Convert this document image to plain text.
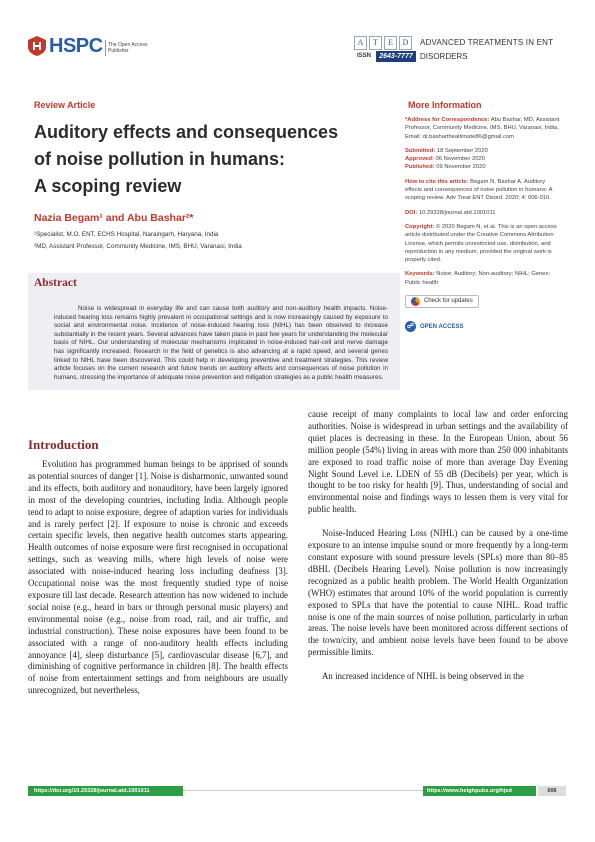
HSPC The Open Access
Publisher
A	T	E	D	ADVANCED TREATMENTS IN ENT
ISSN	2643-7777 DISORDERS
Review Article
Auditory effects and consequences
of noise pollution in humans:
A scoping review
Nazia Begam¹ and Abu Bashar²*
¹Specialist, M.O. ENT, ECHS Hospital, Naraingarh, Haryana, India
²MD, Assistant Professor, Community Medicine, IMS, BHU, Varanasi, India
Abstract
Noise is widespread in everyday life and can cause both auditory and non-auditory health impacts. Noise-induced hearing loss remains highly prevalent in occupational settings and is now increasingly caused by exposure to social and environmental noise. Incidence of noise-induced hearing loss (NIHL) has been observed to increase substantially in the recent years. Several advances have taken place in past few years for understanding the molecular basis of NIHL. Our understanding of molecular mechanisms implicated in noise-induced hair-cell and nerve damage has significantly increased. Research in the field of genetics is also advancing at a rapid speed, and several genes linked to NIHL have been discovered. This could help in developing preventive and treatment strategies. This review article focuses on the current research and future trends on auditory effects and consequences of noise pollution in humans, stressing the importance of adequate noise prevention and mitigation strategies as a public health measures.
More Information

*Address for Correspondence: Abu Bashar, MD, Assistant Professor, Community Medicine, IMS, BHU, Varanasi, India, Email: dr.basharthealtimate86@gmail.com

Submitted: 18 September 2020
Approved: 06 November 2020
Published: 09 November 2020

How to cite this article: Begam N, Bashar A. Auditory effects and consequences of noise pollution in humans: A scoping review. Adv Treat ENT Disord. 2020; 4: 006-010.

DOI: 10.29328/journal.atd.1001011

Copyright: © 2020 Begam N, et al. This is an open access article distributed under the Creative Commons Attribution License, which permits unrestricted use, distribution, and reproduction in any medium, provided the original work is properly cited.

Keywords: Noise; Auditory; Non-auditory; NIHL; Genes; Public health

Check for updates
☍ OPEN ACCESS
Introduction

Evolution has programmed human beings to be apprised of sounds as potential sources of danger [1]. Noise is disharmonic, unwanted sound and its effects, both auditory and nonauditory, have been largely ignored in most of the developing countries, including India. Although people tend to adapt to noise exposure, degree of adaption varies for individuals and is rarely perfect [2]. If exposure to noise is chronic and exceeds certain specific levels, then negative health outcomes starts appearing. Health outcomes of noise exposure were first recognised in occupational settings, such as weaving mills, where high levels of noise were associated with noise-induced hearing loss including deafness [3]. Occupational noise was the most frequently studied type of noise exposure till last decade. Research attention has now widened to include social noise (e.g., heard in bars or through personal music players) and environmental noise (e.g., noise from road, rail, and air traffic, and industrial construction). These noise exposures have been found to be associated with a range of non-auditory health effects including annoyance [4], sleep disturbance [5], cardiovascular disease [6,7], and diminishing of cognitive performance in children [8]. The health effects of noise from entertainment settings and from neighbours are usually unrecognized, but nevertheless,

cause receipt of many complaints to local law and order enforcing authorities. Noise is widespread in urban settings and the availability of quiet places is decreasing in these. In the European Union, about 56 million people (54%) living in areas with more than 250 000 inhabitants are exposed to road traffic noise of more than average Day Evening Night Sound Level i.e. LDEN of 55 dB (Decibels) per year, which is thought to be too risky for health [9]. Thus, understanding of social and environmental noise and findings ways to lessen them is very vital for public health.

Noise-Induced Hearing Loss (NIHL) can be caused by a one-time exposure to an intense impulse sound or more frequently by a long-term constant exposure with sound pressure levels (SPLs) more than 80–85 dBHL (Decibels Hearing Level). Noise pollution is now increasingly recognized as a public health problem. The World Health Organization (WHO) estimates that around 10% of the world population is currently exposed to SPLs that have the potential to cause NIHL. Road traffic noise is one of the main sources of noise pollution, particularly in urban areas. The noise levels have been monitored across different sections of the town/city, and ambient noise levels have been found to be above permissible limits.

An increased incidence of NIHL is being observed in the

https://doi.org/10.29328/journal.atd.1001011	https://www.heighpubs.org/hjed	006
